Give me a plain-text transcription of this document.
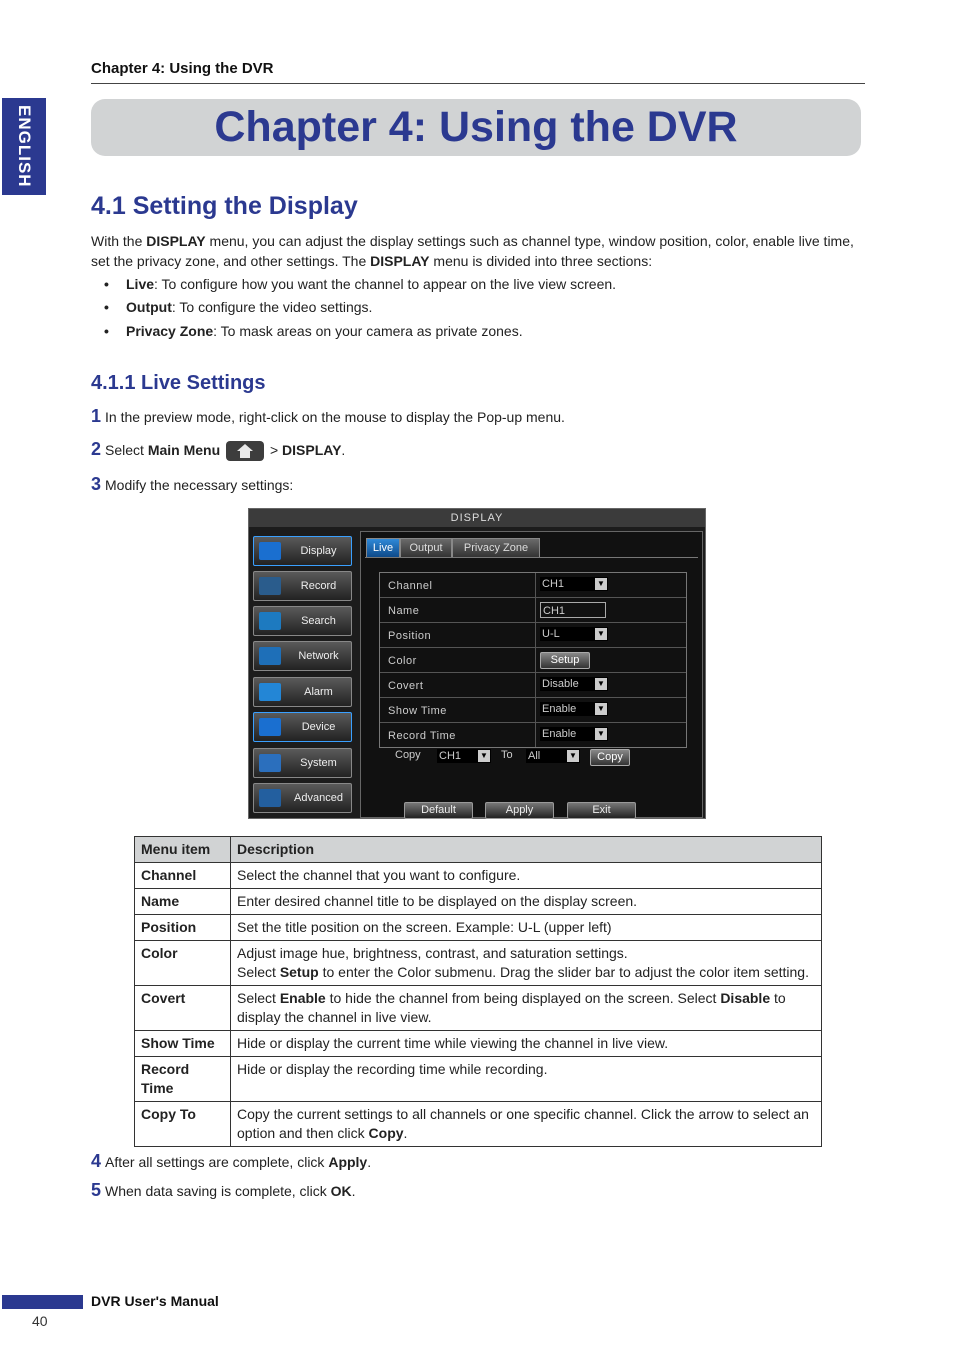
Chapter 4: Using the DVR
ENGLISH	Chapter 4: Using the DVR
4.1 Setting the Display
With the DISPLAY menu, you can adjust the display settings such as channel type, window position, color, enable live time, set the privacy zone, and other settings. The DISPLAY menu is divided into three sections:
• Live: To configure how you want the channel to appear on the live view screen.
• Output: To configure the video settings.
• Privacy Zone: To mask areas on your camera as private zones.
4.1.1 Live Settings
1 In the preview mode, right-click on the mouse to display the Pop-up menu.
2 Select Main Menu	> DISPLAY.
3 Modify the necessary settings:
DISPLAY
Display
Record
Search
Network
Alarm
Device
System
Advanced
Live	Output	Privacy Zone
Channel	CH1	▼
Name	CH1
Position	U-L	▼
Color	Setup
Covert	Disable ▼
Show Time	Enable	▼
Record Time	Enable	▼
Copy CH1 ▼ To All	▼	Copy
Default	Apply	Exit
Menu item	Description
Channel	Select the channel that you want to configure.
Name	Enter desired channel title to be displayed on the display screen.
Position	Set the title position on the screen. Example: U-L (upper left)
Color	Adjust image hue, brightness, contrast, and saturation settings.
Select Setup to enter the Color submenu. Drag the slider bar to adjust the color item setting.
Covert	Select Enable to hide the channel from being displayed on the screen. Select Disable to display the channel in live view.
Show Time	Hide or display the current time while viewing the channel in live view.
Record Time	Hide or display the recording time while recording.
Copy To	Copy the current settings to all channels or one specific channel. Click the arrow to select an option and then click Copy.
4 After all settings are complete, click Apply.
5 When data saving is complete, click OK.
DVR User's Manual
40
